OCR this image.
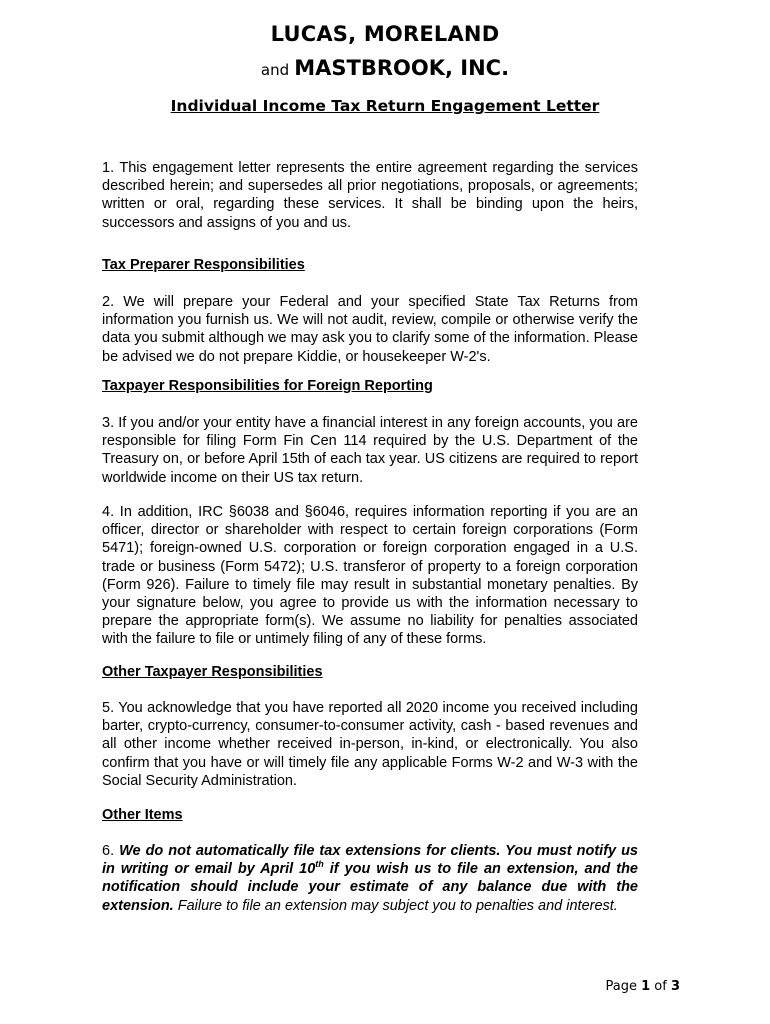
LUCAS, MORELAND
and MASTBROOK, INC.
Individual Income Tax Return Engagement Letter

1. This engagement letter represents the entire agreement regarding the services described herein; and supersedes all prior negotiations, proposals, or agreements; written or oral, regarding these services. It shall be binding upon the heirs, successors and assigns of you and us.

Tax Preparer Responsibilities

2. We will prepare your Federal and your specified State Tax Returns from information you furnish us. We will not audit, review, compile or otherwise verify the data you submit although we may ask you to clarify some of the information. Please be advised we do not prepare Kiddie, or housekeeper W-2's.

Taxpayer Responsibilities for Foreign Reporting

3. If you and/or your entity have a financial interest in any foreign accounts, you are responsible for filing Form Fin Cen 114 required by the U.S. Department of the Treasury on, or before April 15th of each tax year. US citizens are required to report worldwide income on their US tax return.

4. In addition, IRC §6038 and §6046, requires information reporting if you are an officer, director or shareholder with respect to certain foreign corporations (Form 5471); foreign-owned U.S. corporation or foreign corporation engaged in a U.S. trade or business (Form 5472); U.S. transferor of property to a foreign corporation (Form 926). Failure to timely file may result in substantial monetary penalties. By your signature below, you agree to provide us with the information necessary to prepare the appropriate form(s). We assume no liability for penalties associated with the failure to file or untimely filing of any of these forms.

Other Taxpayer Responsibilities

5. You acknowledge that you have reported all 2020 income you received including barter, crypto-currency, consumer-to-consumer activity, cash - based revenues and all other income whether received in-person, in-kind, or electronically. You also confirm that you have or will timely file any applicable Forms W-2 and W-3 with the Social Security Administration.

Other Items

6. We do not automatically file tax extensions for clients. You must notify us in writing or email by April 10th if you wish us to file an extension, and the notification should include your estimate of any balance due with the extension. Failure to file an extension may subject you to penalties and interest.

Page 1 of 3
